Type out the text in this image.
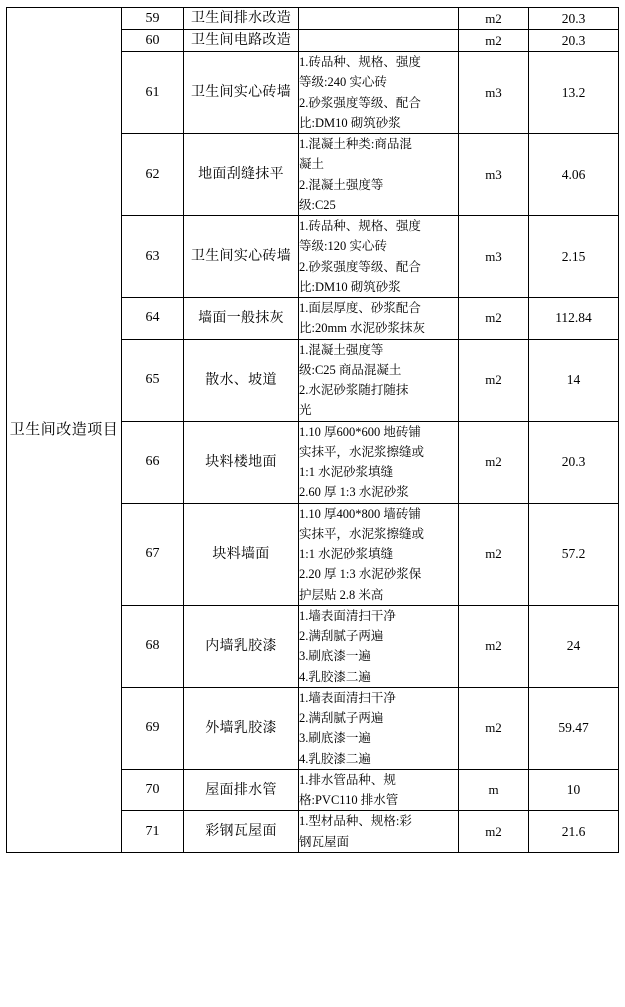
卫生间改造项目	59	卫生间排水改造		m2	20.3
	60	卫生间电路改造		m2	20.3
	61	卫生间实心砖墙	1.砖品种、规格、强度
等级:240 实心砖
2.砂浆强度等级、配合
比:DM10 砌筑砂浆	m3	13.2
	62	地面刮缝抹平	1.混凝土种类:商品混
凝土
2.混凝土强度等
级:C25	m3	4.06
	63	卫生间实心砖墙	1.砖品种、规格、强度
等级:120 实心砖
2.砂浆强度等级、配合
比:DM10 砌筑砂浆	m3	2.15
	64	墙面一般抹灰	1.面层厚度、砂浆配合
比:20mm 水泥砂浆抹灰	m2	112.84
	65	散水、坡道	1.混凝土强度等
级:C25 商品混凝土
2.水泥砂浆随打随抹
光	m2	14
	66	块料楼地面	1.10 厚600*600 地砖铺
实抹平，水泥浆擦缝或
1:1 水泥砂浆填缝
2.60 厚 1:3 水泥砂浆	m2	20.3
	67	块料墙面	1.10 厚400*800 墙砖铺
实抹平，水泥浆擦缝或
1:1 水泥砂浆填缝
2.20 厚 1:3 水泥砂浆保
护层贴 2.8 米高	m2	57.2
	68	内墙乳胶漆	1.墙表面清扫干净
2.满刮腻子两遍
3.刷底漆一遍
4.乳胶漆二遍	m2	24
	69	外墙乳胶漆	1.墙表面清扫干净
2.满刮腻子两遍
3.刷底漆一遍
4.乳胶漆二遍	m2	59.47
	70	屋面排水管	1.排水管品种、规
格:PVC110 排水管	m	10
	71	彩钢瓦屋面	1.型材品种、规格:彩
钢瓦屋面	m2	21.6
